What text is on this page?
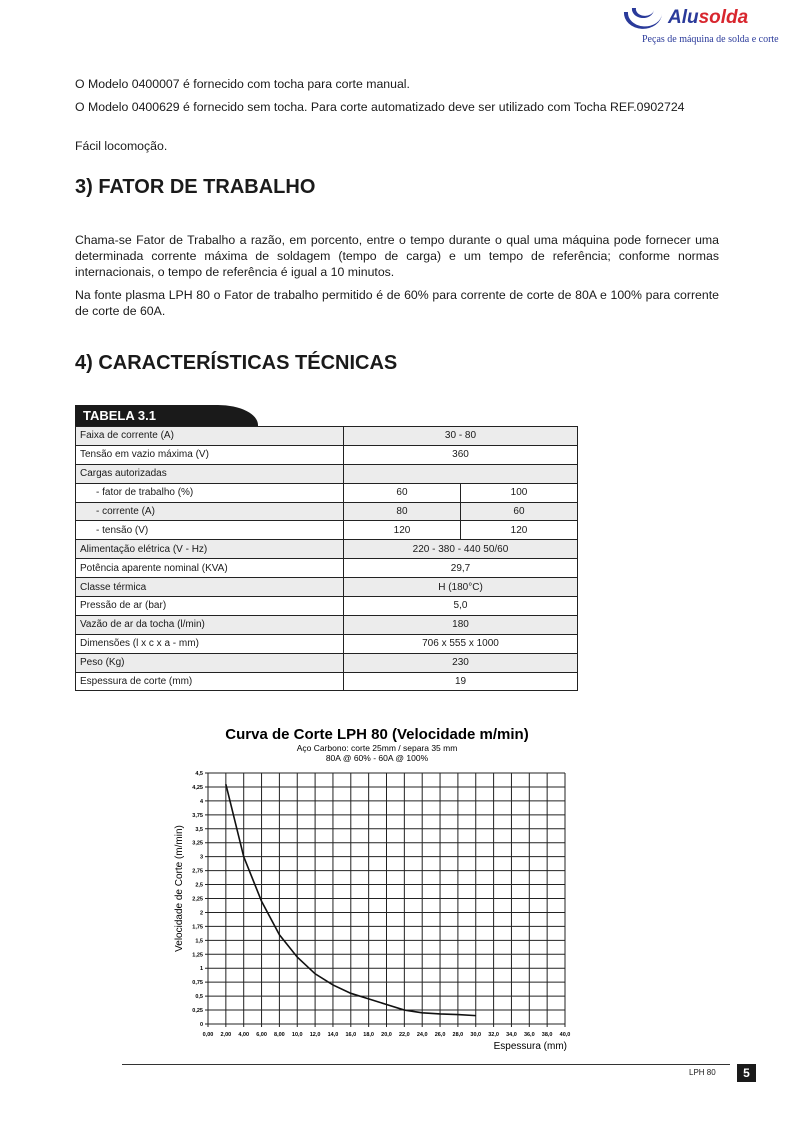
Alusolda
Peças de máquina de solda e corte
O Modelo 0400007 é fornecido com tocha para corte manual.
O Modelo 0400629 é fornecido sem tocha. Para corte automatizado deve ser utilizado com Tocha REF.0902724
Fácil locomoção.
3) FATOR DE TRABALHO
Chama-se Fator de Trabalho a razão, em porcento, entre o tempo durante o qual uma máquina pode fornecer uma determinada corrente máxima de soldagem (tempo de carga) e um tempo de referência; conforme normas internacionais, o tempo de referência é igual a 10 minutos.
Na fonte plasma LPH 80 o Fator de trabalho permitido é de 60% para corrente de corte de 80A e 100% para corrente de corte de 60A.
4) CARACTERÍSTICAS TÉCNICAS
TABELA 3.1
Faixa de corrente (A)	30 - 80	
Tensão em vazio máxima (V)	360	
Cargas autorizadas		
- fator de trabalho (%)	60	100
- corrente (A)	80	60
- tensão (V)	120	120
Alimentação elétrica (V - Hz)	220 - 380 - 440 50/60	
Potência aparente nominal (KVA)	29,7	
Classe térmica	H (180°C)	
Pressão de ar (bar)	5,0	
Vazão de ar da tocha (l/min)	180	
Dimensões (l x c x a - mm)	706 x 555 x 1000	
Peso (Kg)	230	
Espessura de corte (mm)	19	
Curva de Corte LPH 80 (Velocidade m/min)
Aço Carbono: corte 25mm / separa 35 mm
80A @ 60% - 60A @ 100%
0,00 2,00 4,00 6,00 8,00 10,0 12,0 14,0 16,0 18,0 20,0 22,0 24,0 26,0 28,0 30,0 32,0 34,0 36,0 38,0 40,0
0
0,25
0,5
0,75
1
1,25
1,5
1,75
2
2,25
2,5
2,75
3
3,25
3,5
3,75
4
4,25
4,5
Espessura (mm)
Velocidade de Corte (m/min)
LPH 80	5
